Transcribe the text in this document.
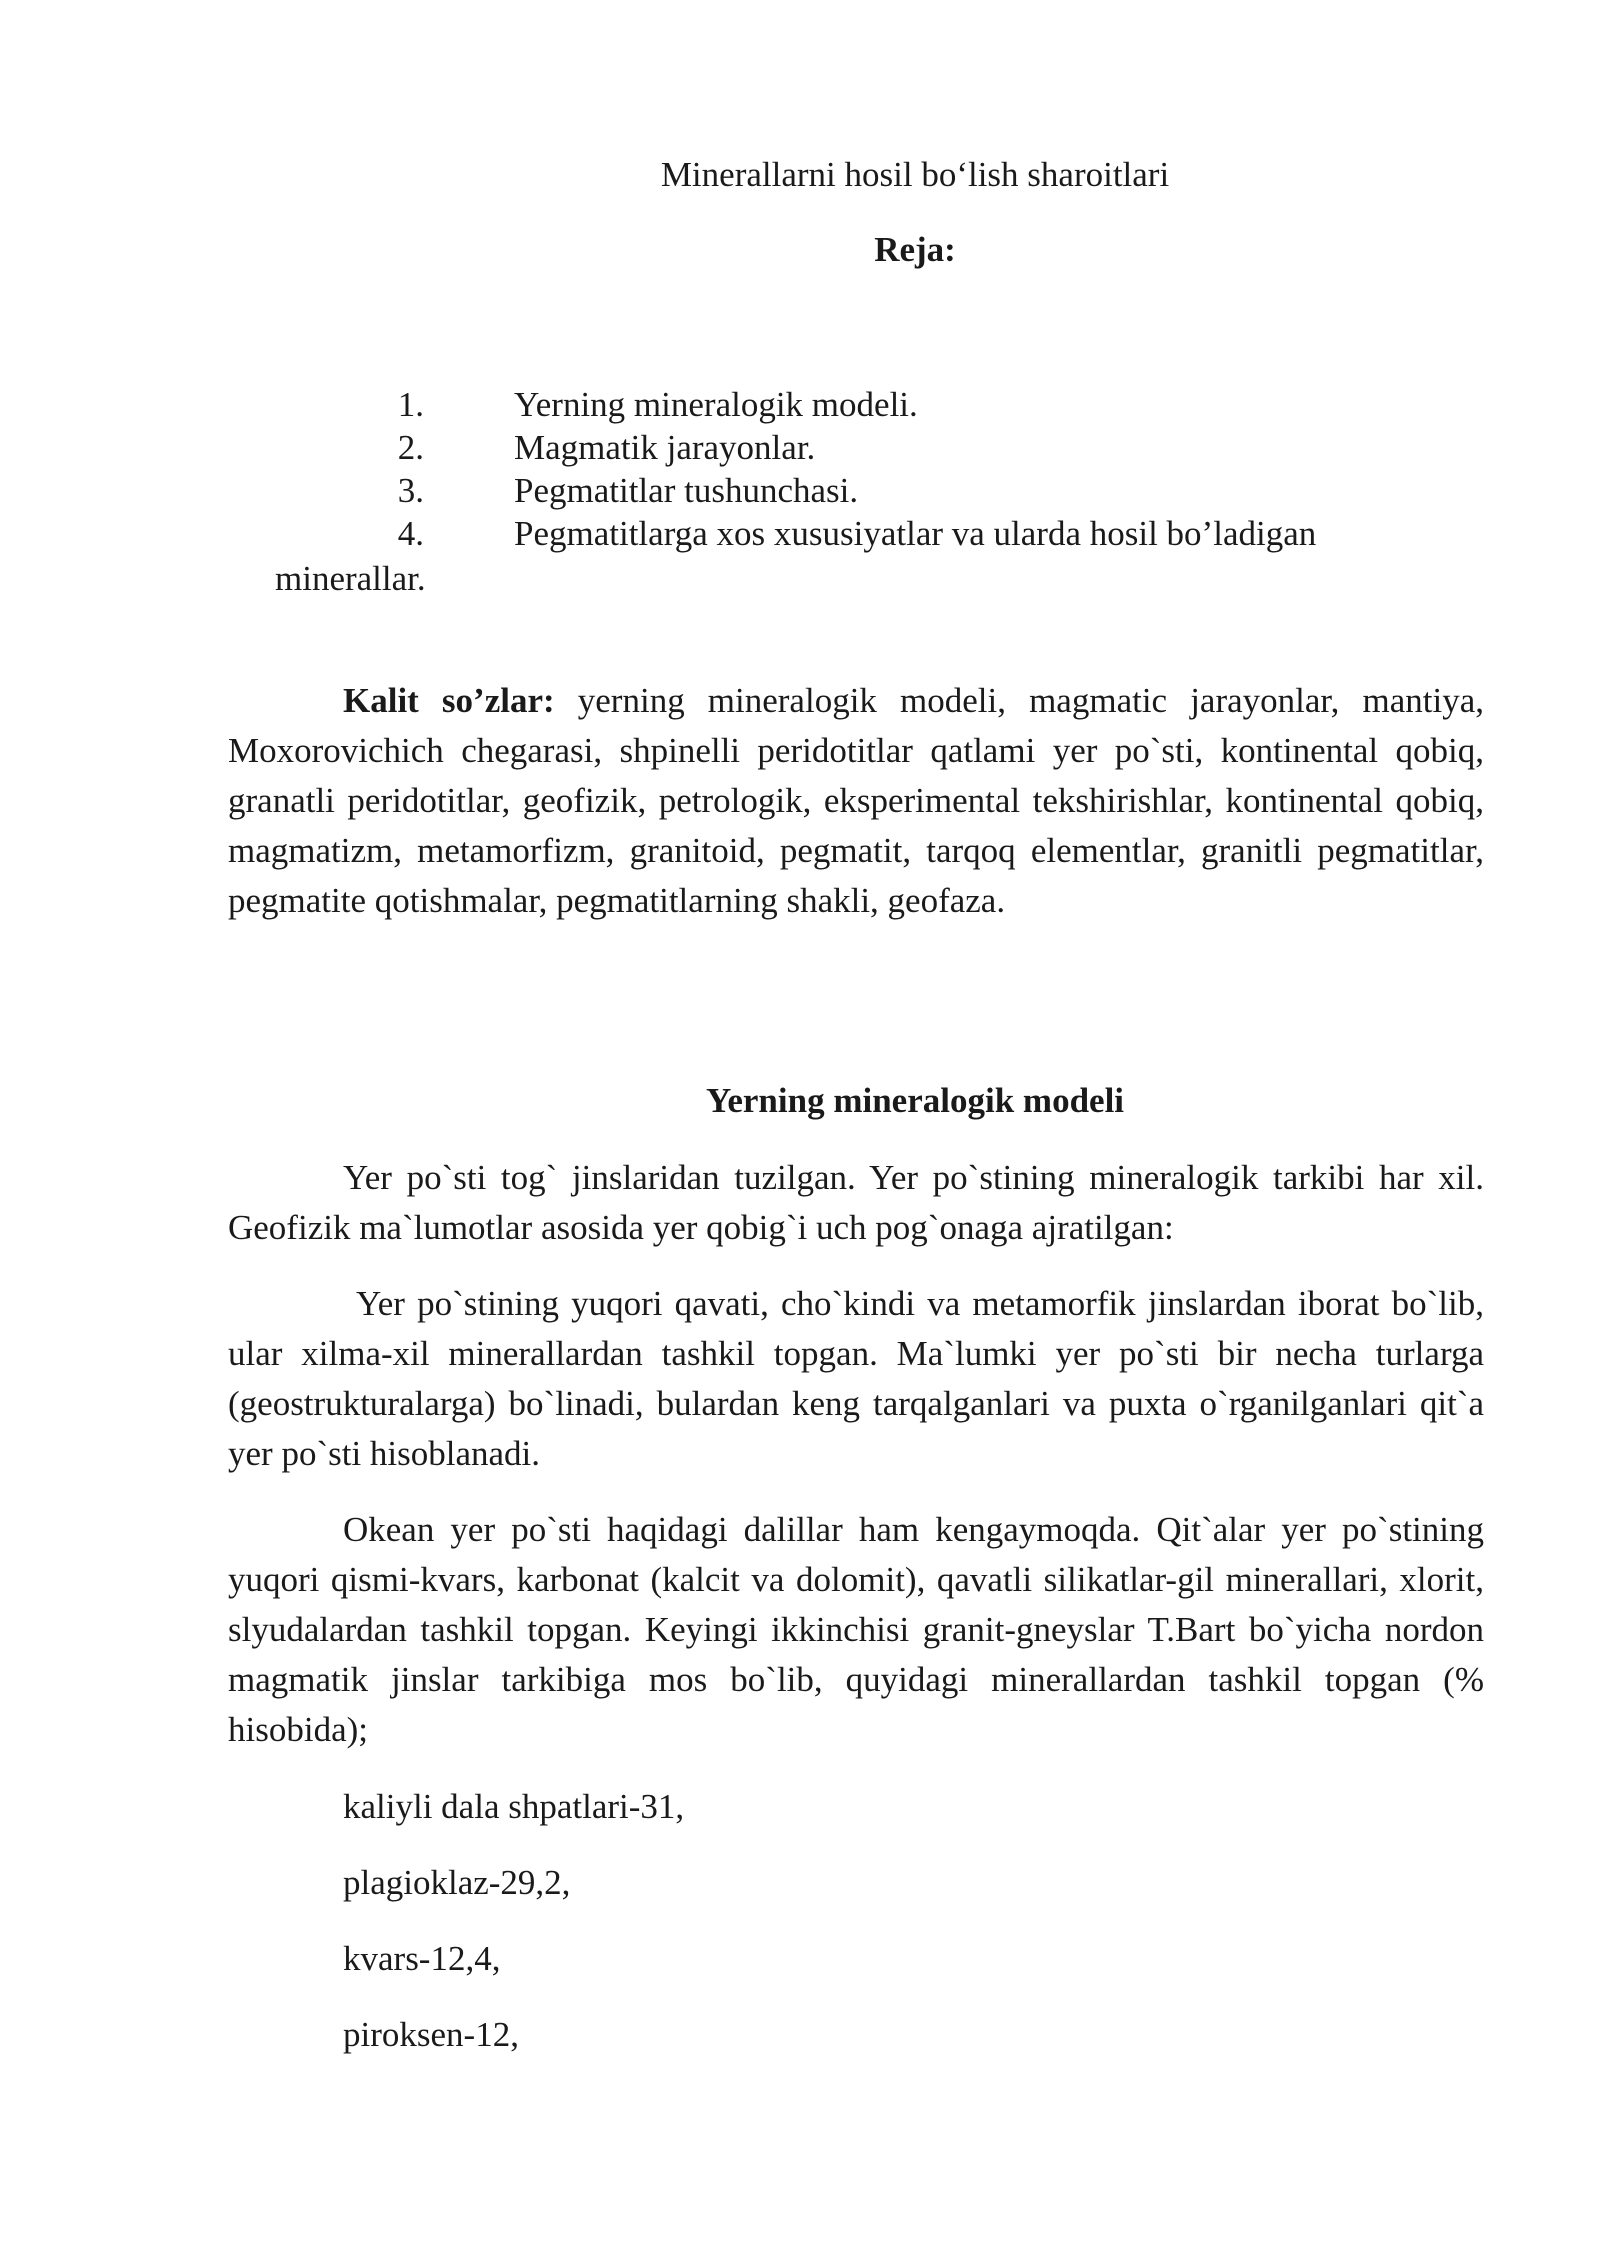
Minerallarni hosil bo‘lish sharoitlari

Reja:

1.	Yerning mineralogik modeli.
2.	Magmatik jarayonlar.
3.	Pegmatitlar tushunchasi.
4.	Pegmatitlarga xos xususiyatlar va ularda hosil bo’ladigan
minerallar.

Kalit so’zlar: yerning mineralogik modeli, magmatic jarayonlar, mantiya, Moxorovichich chegarasi, shpinelli peridotitlar qatlami yer po`sti, kontinental qobiq, granatli peridotitlar, geofizik, petrologik, eksperimental tekshirishlar, kontinental qobiq, magmatizm, metamorfizm, granitoid, pegmatit, tarqoq elementlar, granitli pegmatitlar, pegmatite qotishmalar, pegmatitlarning shakli, geofaza.

Yerning mineralogik modeli

Yer po`sti tog` jinslaridan tuzilgan. Yer po`stining mineralogik tarkibi har xil. Geofizik ma`lumotlar asosida yer qobig`i uch pog`onaga ajratilgan:

Yer po`stining yuqori qavati, cho`kindi va metamorfik jinslardan iborat bo`lib, ular xilma-xil minerallardan tashkil topgan. Ma`lumki yer po`sti bir necha turlarga (geostrukturalarga) bo`linadi, bulardan keng tarqalganlari va puxta o`rganilganlari qit`a yer po`sti hisoblanadi.

Okean yer po`sti haqidagi dalillar ham kengaymoqda. Qit`alar yer po`stining yuqori qismi-kvars, karbonat (kalcit va dolomit), qavatli silikatlar-gil minerallari, xlorit, slyudalardan tashkil topgan. Keyingi ikkinchisi granit-gneyslar T.Bart bo`yicha nordon magmatik jinslar tarkibiga mos bo`lib, quyidagi minerallardan tashkil topgan (% hisobida);

kaliyli dala shpatlari-31,
plagioklaz-29,2,
kvars-12,4,
piroksen-12,
